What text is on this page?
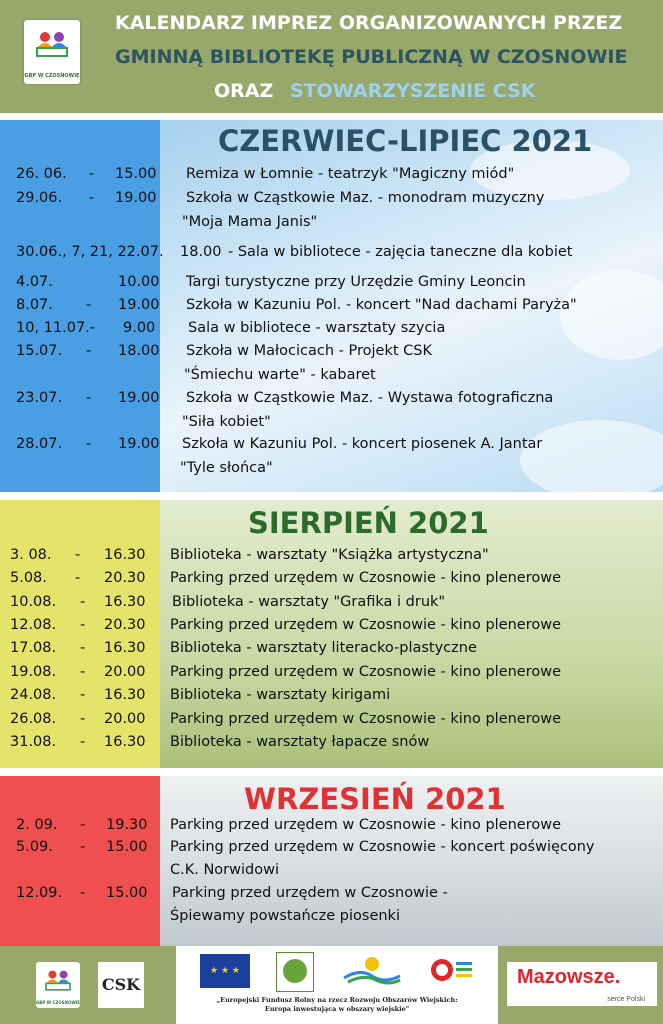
GBP W CZOSNOWIE
KALENDARZ IMPREZ ORGANIZOWANYCH PRZEZ
GMINNĄ BIBLIOTEKĘ PUBLICZNĄ W CZOSNOWIE
ORAZ STOWARZYSZENIE CSK
CZERWIEC-LIPIEC 2021
26. 06. - 15.00 Remiza w Łomnie - teatrzyk "Magiczny miód"
29.06. - 19.00 Szkoła w Cząstkowie Maz. - monodram muzyczny
"Moja Mama Janis"
30.06., 7, 21, 22.07. 18.00 - Sala w bibliotece - zajęcia taneczne dla kobiet
4.07.	10.00 Targi turystyczne przy Urzędzie Gminy Leoncin
8.07. - 19.00 Szkoła w Kazuniu Pol. - koncert "Nad dachami Paryża"
10, 11.07.- 9.00 Sala w bibliotece - warsztaty szycia
15.07. - 18.00 Szkoła w Małocicach - Projekt CSK
"Śmiechu warte" - kabaret
23.07. - 19.00 Szkoła w Cząstkowie Maz. - Wystawa fotograficzna
"Siła kobiet"
28.07. - 19.00 Szkoła w Kazuniu Pol. - koncert piosenek A. Jantar
"Tyle słońca"
SIERPIEŃ 2021
3. 08. - 16.30 Biblioteka - warsztaty "Książka artystyczna"
5.08. - 20.30 Parking przed urzędem w Czosnowie - kino plenerowe
10.08. - 16.30 Biblioteka - warsztaty "Grafika i druk"
12.08. - 20.30 Parking przed urzędem w Czosnowie - kino plenerowe
17.08. - 16.30 Biblioteka - warsztaty literacko-plastyczne
19.08. - 20.00 Parking przed urzędem w Czosnowie - kino plenerowe
24.08. - 16.30 Biblioteka - warsztaty kirigami
26.08. - 20.00 Parking przed urzędem w Czosnowie - kino plenerowe
31.08. - 16.30 Biblioteka - warsztaty łapacze snów
WRZESIEŃ 2021
2. 09. - 19.30 Parking przed urzędem w Czosnowie - kino plenerowe
5.09. - 15.00 Parking przed urzędem w Czosnowie - koncert poświęcony
C.K. Norwidowi
12.09. - 15.00 Parking przed urzędem w Czosnowie -
Śpiewamy powstańcze piosenki
GBP W CZOSNOWIE
CSK
★ ★ ★
„Europejski Fundusz Rolny na rzecz Rozwoju Obszarów Wiejskich:
Europa inwestująca w obszary wiejskie"
Mazowsze.
serce Polski
